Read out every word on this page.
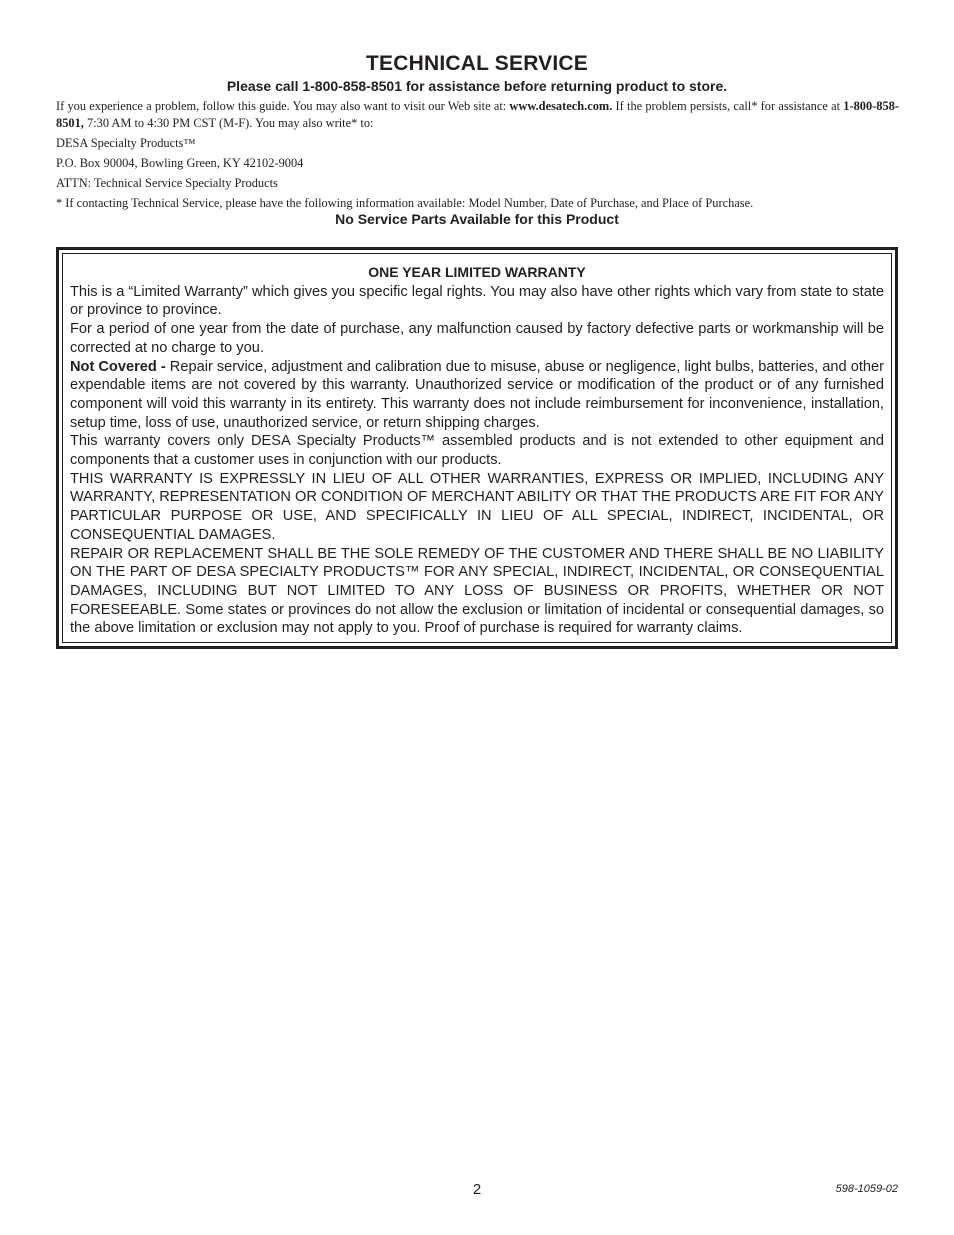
TECHNICAL SERVICE
Please call 1-800-858-8501 for assistance before returning product to store.

If you experience a problem, follow this guide. You may also want to visit our Web site at: www.desatech.com. If the problem persists, call* for assistance at 1-800-858-8501, 7:30 AM to 4:30 PM CST (M-F). You may also write* to:

DESA Specialty Products™

P.O. Box 90004, Bowling Green, KY 42102-9004

ATTN: Technical Service Specialty Products

* If contacting Technical Service, please have the following information available: Model Number, Date of Purchase, and Place of Purchase.

No Service Parts Available for this Product
ONE YEAR LIMITED WARRANTY

This is a “Limited Warranty” which gives you specific legal rights. You may also have other rights which vary from state to state or province to province.

For a period of one year from the date of purchase, any malfunction caused by factory defective parts or workmanship will be corrected at no charge to you.

Not Covered - Repair service, adjustment and calibration due to misuse, abuse or negligence, light bulbs, batteries, and other expendable items are not covered by this warranty. Unauthorized service or modification of the product or of any furnished component will void this warranty in its entirety. This warranty does not include reimbursement for inconvenience, installation, setup time, loss of use, unauthorized service, or return shipping charges.

This warranty covers only DESA Specialty Products™ assembled products and is not extended to other equipment and components that a customer uses in conjunction with our products.

THIS WARRANTY IS EXPRESSLY IN LIEU OF ALL OTHER WARRANTIES, EXPRESS OR IMPLIED, INCLUDING ANY WARRANTY, REPRESENTATION OR CONDITION OF MERCHANT ABILITY OR THAT THE PRODUCTS ARE FIT FOR ANY PARTICULAR PURPOSE OR USE, AND SPECIFICALLY IN LIEU OF ALL SPECIAL, INDIRECT, INCIDENTAL, OR CONSEQUENTIAL DAMAGES.

REPAIR OR REPLACEMENT SHALL BE THE SOLE REMEDY OF THE CUSTOMER AND THERE SHALL BE NO LIABILITY ON THE PART OF DESA SPECIALTY PRODUCTS™ FOR ANY SPECIAL, INDIRECT, INCIDENTAL, OR CONSEQUENTIAL DAMAGES, INCLUDING BUT NOT LIMITED TO ANY LOSS OF BUSINESS OR PROFITS, WHETHER OR NOT FORESEEABLE. Some states or provinces do not allow the exclusion or limitation of incidental or consequential damages, so the above limitation or exclusion may not apply to you. Proof of purchase is required for warranty claims.

2	598-1059-02
